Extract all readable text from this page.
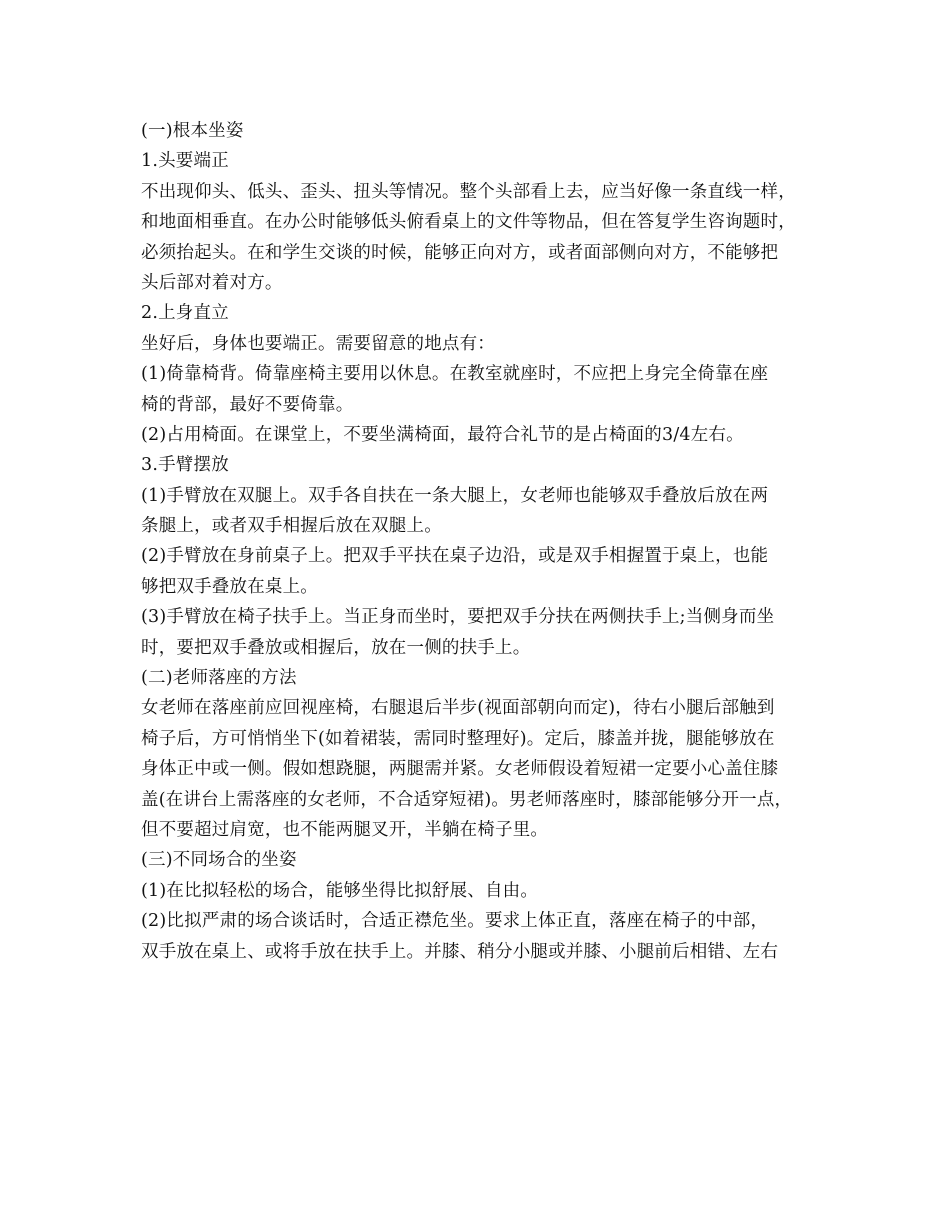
(一)根本坐姿
1.头要端正
不出现仰头、低头、歪头、扭头等情况。整个头部看上去，应当好像一条直线一样，
和地面相垂直。在办公时能够低头俯看桌上的文件等物品，但在答复学生咨询题时，
必须抬起头。在和学生交谈的时候，能够正向对方，或者面部侧向对方，不能够把
头后部对着对方。
2.上身直立
坐好后，身体也要端正。需要留意的地点有：
(1)倚靠椅背。倚靠座椅主要用以休息。在教室就座时，不应把上身完全倚靠在座
椅的背部，最好不要倚靠。
(2)占用椅面。在课堂上，不要坐满椅面，最符合礼节的是占椅面的3/4左右。
3.手臂摆放
(1)手臂放在双腿上。双手各自扶在一条大腿上，女老师也能够双手叠放后放在两
条腿上，或者双手相握后放在双腿上。
(2)手臂放在身前桌子上。把双手平扶在桌子边沿，或是双手相握置于桌上，也能
够把双手叠放在桌上。
(3)手臂放在椅子扶手上。当正身而坐时，要把双手分扶在两侧扶手上;当侧身而坐
时，要把双手叠放或相握后，放在一侧的扶手上。
(二)老师落座的方法
女老师在落座前应回视座椅，右腿退后半步(视面部朝向而定)，待右小腿后部触到
椅子后，方可悄悄坐下(如着裙装，需同时整理好)。定后，膝盖并拢，腿能够放在
身体正中或一侧。假如想跷腿，两腿需并紧。女老师假设着短裙一定要小心盖住膝
盖(在讲台上需落座的女老师，不合适穿短裙)。男老师落座时，膝部能够分开一点，
但不要超过肩宽，也不能两腿叉开，半躺在椅子里。
(三)不同场合的坐姿
(1)在比拟轻松的场合，能够坐得比拟舒展、自由。
(2)比拟严肃的场合谈话时，合适正襟危坐。要求上体正直，落座在椅子的中部，
双手放在桌上、或将手放在扶手上。并膝、稍分小腿或并膝、小腿前后相错、左右
